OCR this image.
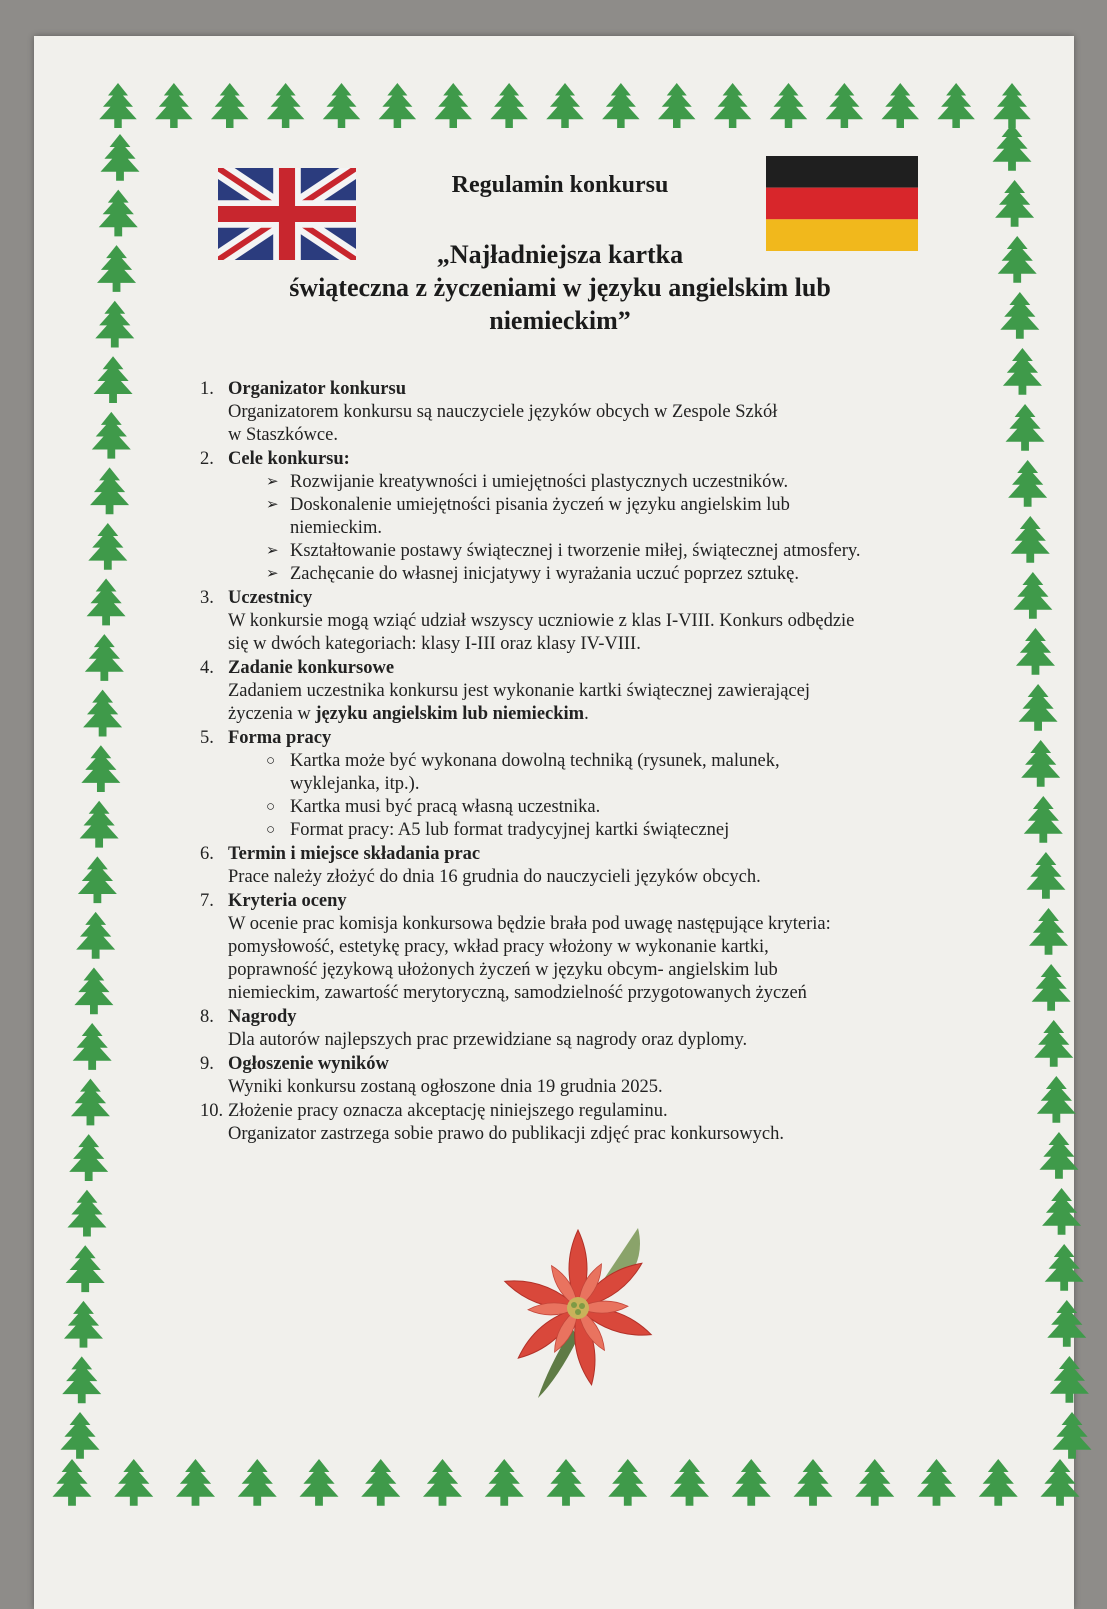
Regulamin konkursu
„Najładniejsza kartka
świąteczna z życzeniami w języku angielskim lub
niemieckim”
1. Organizator konkursu
Organizatorem konkursu są nauczyciele języków obcych w Zespole Szkół
w Staszkówce.
2. Cele konkursu:
➢ Rozwijanie kreatywności i umiejętności plastycznych uczestników.
➢ Doskonalenie umiejętności pisania życzeń w języku angielskim lub
niemieckim.
➢ Kształtowanie postawy świątecznej i tworzenie miłej, świątecznej atmosfery.
➢ Zachęcanie do własnej inicjatywy i wyrażania uczuć poprzez sztukę.
3. Uczestnicy
W konkursie mogą wziąć udział wszyscy uczniowie z klas I-VIII. Konkurs odbędzie
się w dwóch kategoriach: klasy I-III oraz klasy IV-VIII.
4. Zadanie konkursowe
Zadaniem uczestnika konkursu jest wykonanie kartki świątecznej zawierającej
życzenia w języku angielskim lub niemieckim.
5. Forma pracy
○ Kartka może być wykonana dowolną techniką (rysunek, malunek,
wyklejanka, itp.).
○ Kartka musi być pracą własną uczestnika.
○ Format pracy: A5 lub format tradycyjnej kartki świątecznej
6. Termin i miejsce składania prac
Prace należy złożyć do dnia 16 grudnia do nauczycieli języków obcych.
7. Kryteria oceny
W ocenie prac komisja konkursowa będzie brała pod uwagę następujące kryteria:
pomysłowość, estetykę pracy, wkład pracy włożony w wykonanie kartki,
poprawność językową ułożonych życzeń w języku obcym- angielskim lub
niemieckim, zawartość merytoryczną, samodzielność przygotowanych życzeń
8. Nagrody
Dla autorów najlepszych prac przewidziane są nagrody oraz dyplomy.
9. Ogłoszenie wyników
Wyniki konkursu zostaną ogłoszone dnia 19 grudnia 2025.
10. Złożenie pracy oznacza akceptację niniejszego regulaminu.
Organizator zastrzega sobie prawo do publikacji zdjęć prac konkursowych.
